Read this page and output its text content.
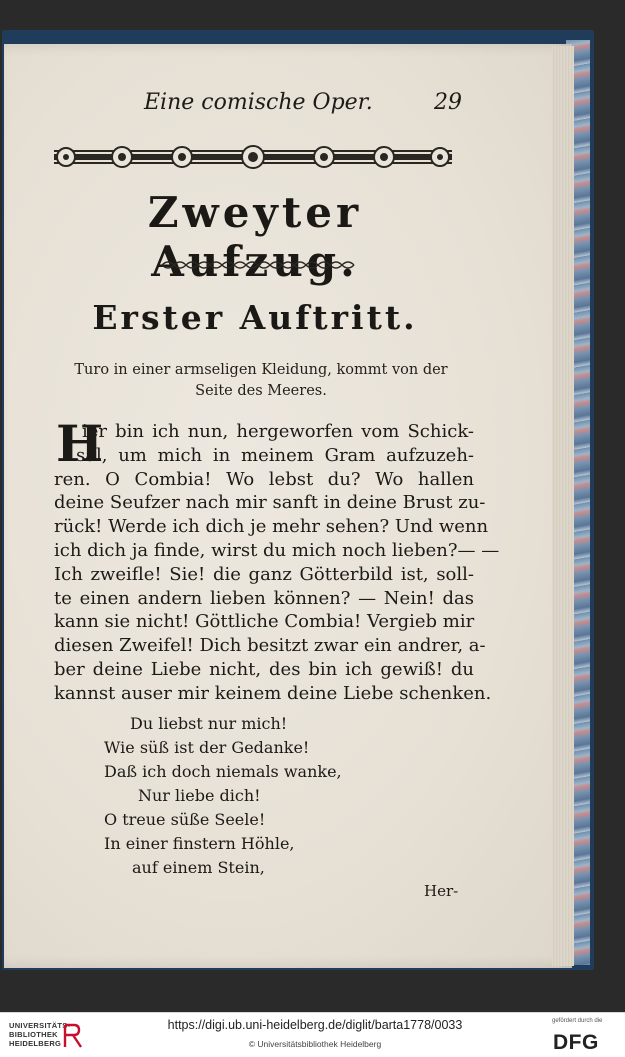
Eine comische Oper.	29
Zweyter Aufzug.
Erster Auftritt.
Turo in einer armseligen Kleidung, kommt von der Seite des Meeres.
H
ier bin ich nun, hergeworfen vom Schick-
sal, um mich in meinem Gram aufzuzeh-
ren. O Combia! Wo lebst du? Wo hallen
deine Seufzer nach mir sanft in deine Brust zu-
rück! Werde ich dich je mehr sehen? Und wenn
ich dich ja finde, wirst du mich noch lieben?— —
Ich zweifle! Sie! die ganz Götterbild ist, soll-
te einen andern lieben können? — Nein! das
kann sie nicht! Göttliche Combia! Vergieb mir
diesen Zweifel! Dich besitzt zwar ein andrer, a-
ber deine Liebe nicht, des bin ich gewiß! du
kannst auser mir keinem deine Liebe schenken.
Du liebst nur mich!
Wie süß ist der Gedanke!
Daß ich doch niemals wanke,
Nur liebe dich!
O treue süße Seele!
In einer finstern Höhle,
auf einem Stein,
Her-
UNIVERSITÄTS-
BIBLIOTHEK
HEIDELBERG
https://digi.ub.uni-heidelberg.de/diglit/barta1778/0033
© Universitätsbibliothek Heidelberg
gefördert durch die
DFG
